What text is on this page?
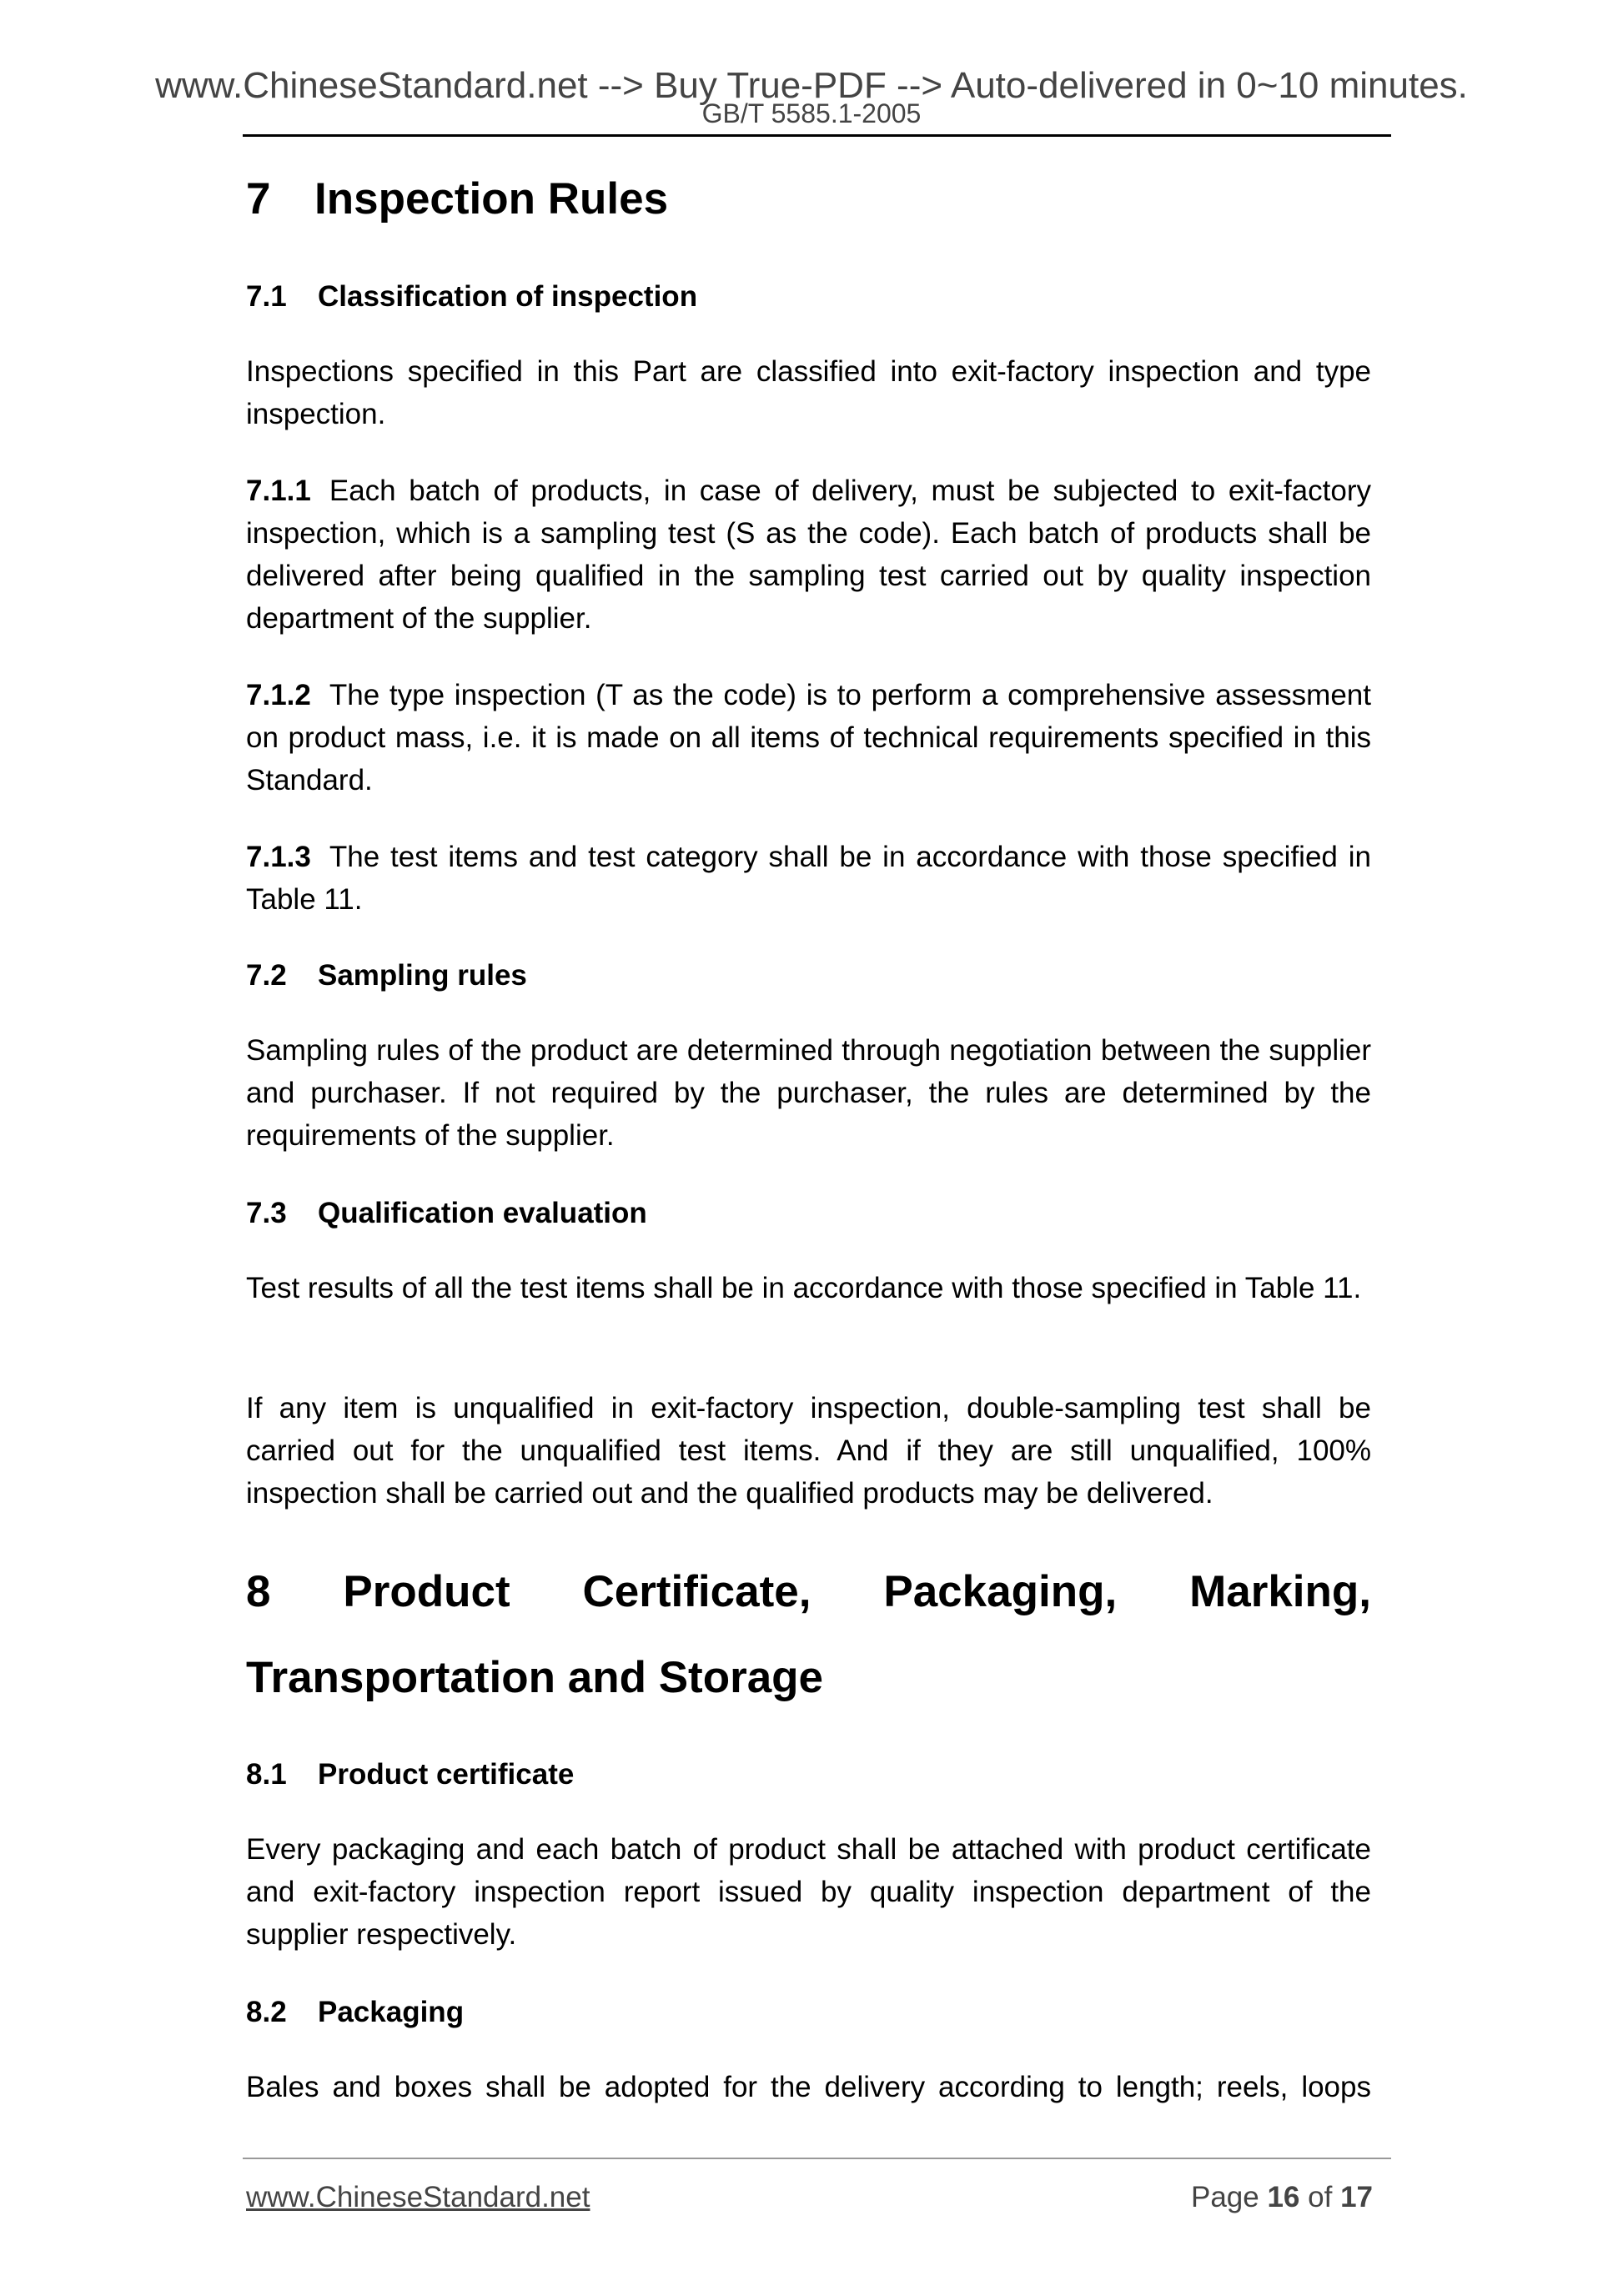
www.ChineseStandard.net --> Buy True-PDF --> Auto-delivered in 0~10 minutes.
GB/T 5585.1-2005
7 Inspection Rules
7.1 Classification of inspection
Inspections specified in this Part are classified into exit-factory inspection and type inspection.
7.1.1 Each batch of products, in case of delivery, must be subjected to exit-factory inspection, which is a sampling test (S as the code). Each batch of products shall be delivered after being qualified in the sampling test carried out by quality inspection department of the supplier.
7.1.2 The type inspection (T as the code) is to perform a comprehensive assessment on product mass, i.e. it is made on all items of technical requirements specified in this Standard.
7.1.3 The test items and test category shall be in accordance with those specified in Table 11.
7.2 Sampling rules
Sampling rules of the product are determined through negotiation between the supplier and purchaser. If not required by the purchaser, the rules are determined by the requirements of the supplier.
7.3 Qualification evaluation
Test results of all the test items shall be in accordance with those specified in Table 11.
If any item is unqualified in exit-factory inspection, double-sampling test shall be carried out for the unqualified test items. And if they are still unqualified, 100% inspection shall be carried out and the qualified products may be delivered.
8 Product Certificate, Packaging, Marking,
Transportation and Storage
8.1 Product certificate
Every packaging and each batch of product shall be attached with product certificate and exit-factory inspection report issued by quality inspection department of the supplier respectively.
8.2 Packaging
Bales and boxes shall be adopted for the delivery according to length; reels, loops
www.ChineseStandard.net	Page 16 of 17
